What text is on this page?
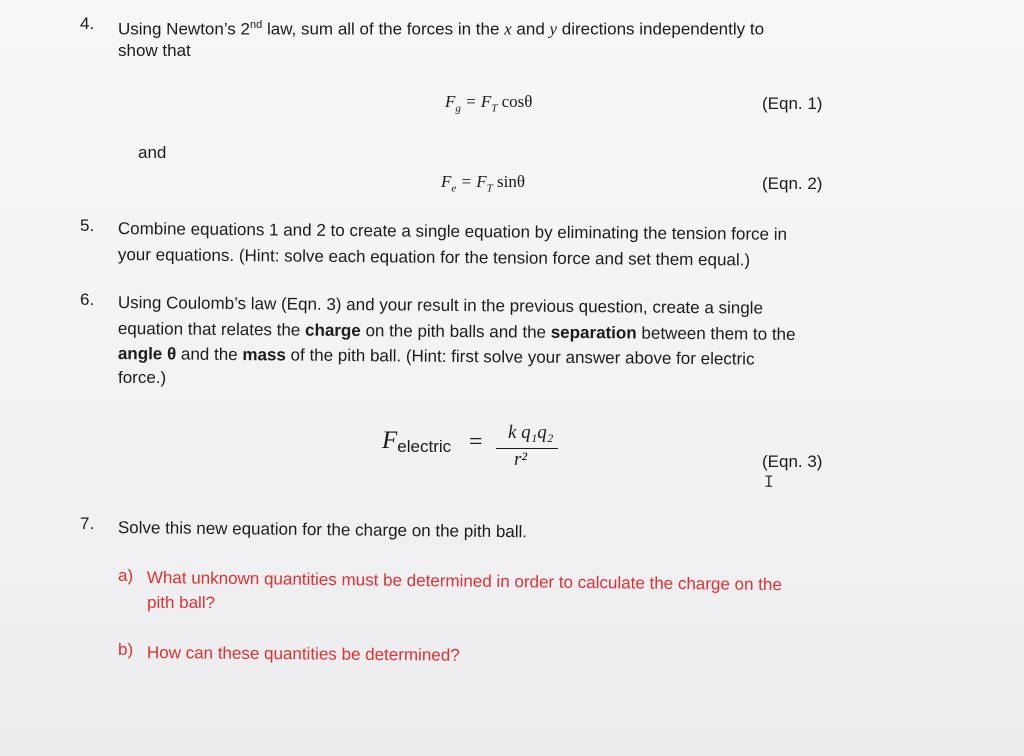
4. Using Newton’s 2nd law, sum all of the forces in the x and y directions independently to
show that
$F_g = F_T$ cosθ	(Eqn. 1)
and
$F_e = F_T$ sinθ	(Eqn. 2)
5. Combine equations 1 and 2 to create a single equation by eliminating the tension force in
your equations. (Hint: solve each equation for the tension force and set them equal.)
6. Using Coulomb’s law (Eqn. 3) and your result in the previous question, create a single
equation that relates the charge on the pith balls and the separation between them to the
angle θ and the mass of the pith ball. (Hint: first solve your answer above for electric
force.)
Felectric = k q₁q₂
r²	(Eqn. 3)
I
7. Solve this new equation for the charge on the pith ball.
a) What unknown quantities must be determined in order to calculate the charge on the
pith ball?
b) How can these quantities be determined?
